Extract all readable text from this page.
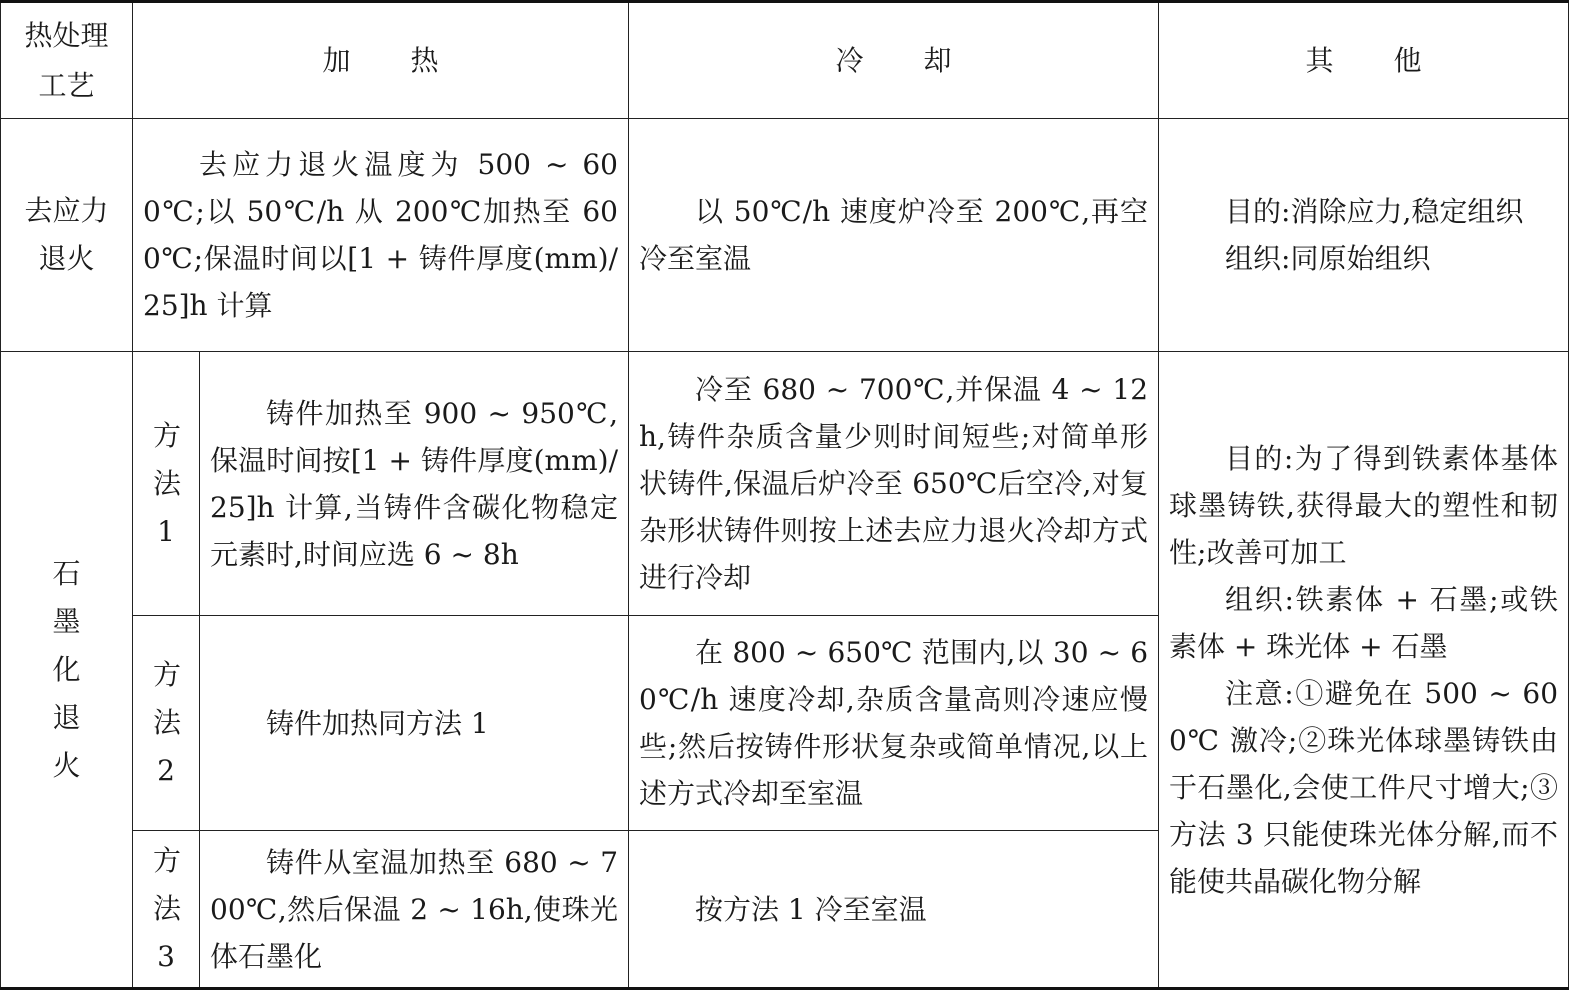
热处理工艺	加热		冷却	其他
去应力退火	去应力退火温度为 500 ~ 600℃;以 50℃/h 从 200℃加热至 600℃;保温时间以[1 + 铸件厚度(mm)/25]h 计算		以 50℃/h 速度炉冷至 200℃,再空冷至室温	目的:消除应力,稳定组织
组织:同原始组织

石墨化退火	方法1	铸件加热至 900 ~ 950℃,保温时间按[1 + 铸件厚度(mm)/25]h 计算,当铸件含碳化物稳定元素时,时间应选 6 ~ 8h	冷至 680 ~ 700℃,并保温 4 ~ 12h,铸件杂质含量少则时间短些;对简单形状铸件,保温后炉冷至 650℃后空冷,对复杂形状铸件则按上述去应力退火冷却方式进行冷却	目的:为了得到铁素体基体球墨铸铁,获得最大的塑性和韧性;改善可加工
组织:铁素体 + 石墨;或铁素体 + 珠光体 + 石墨
注意:①避免在 500 ~ 600℃ 激冷;②珠光体球墨铸铁由于石墨化,会使工件尺寸增大;③方法 3 只能使珠光体分解,而不能使共晶碳化物分解

	方法2	铸件加热同方法 1	在 800 ~ 650℃ 范围内,以 30 ~ 60℃/h 速度冷却,杂质含量高则冷速应慢些;然后按铸件形状复杂或简单情况,以上述方式冷却至室温	

	方法3	铸件从室温加热至 680 ~ 700℃,然后保温 2 ~ 16h,使珠光体石墨化	按方法 1 冷至室温	
